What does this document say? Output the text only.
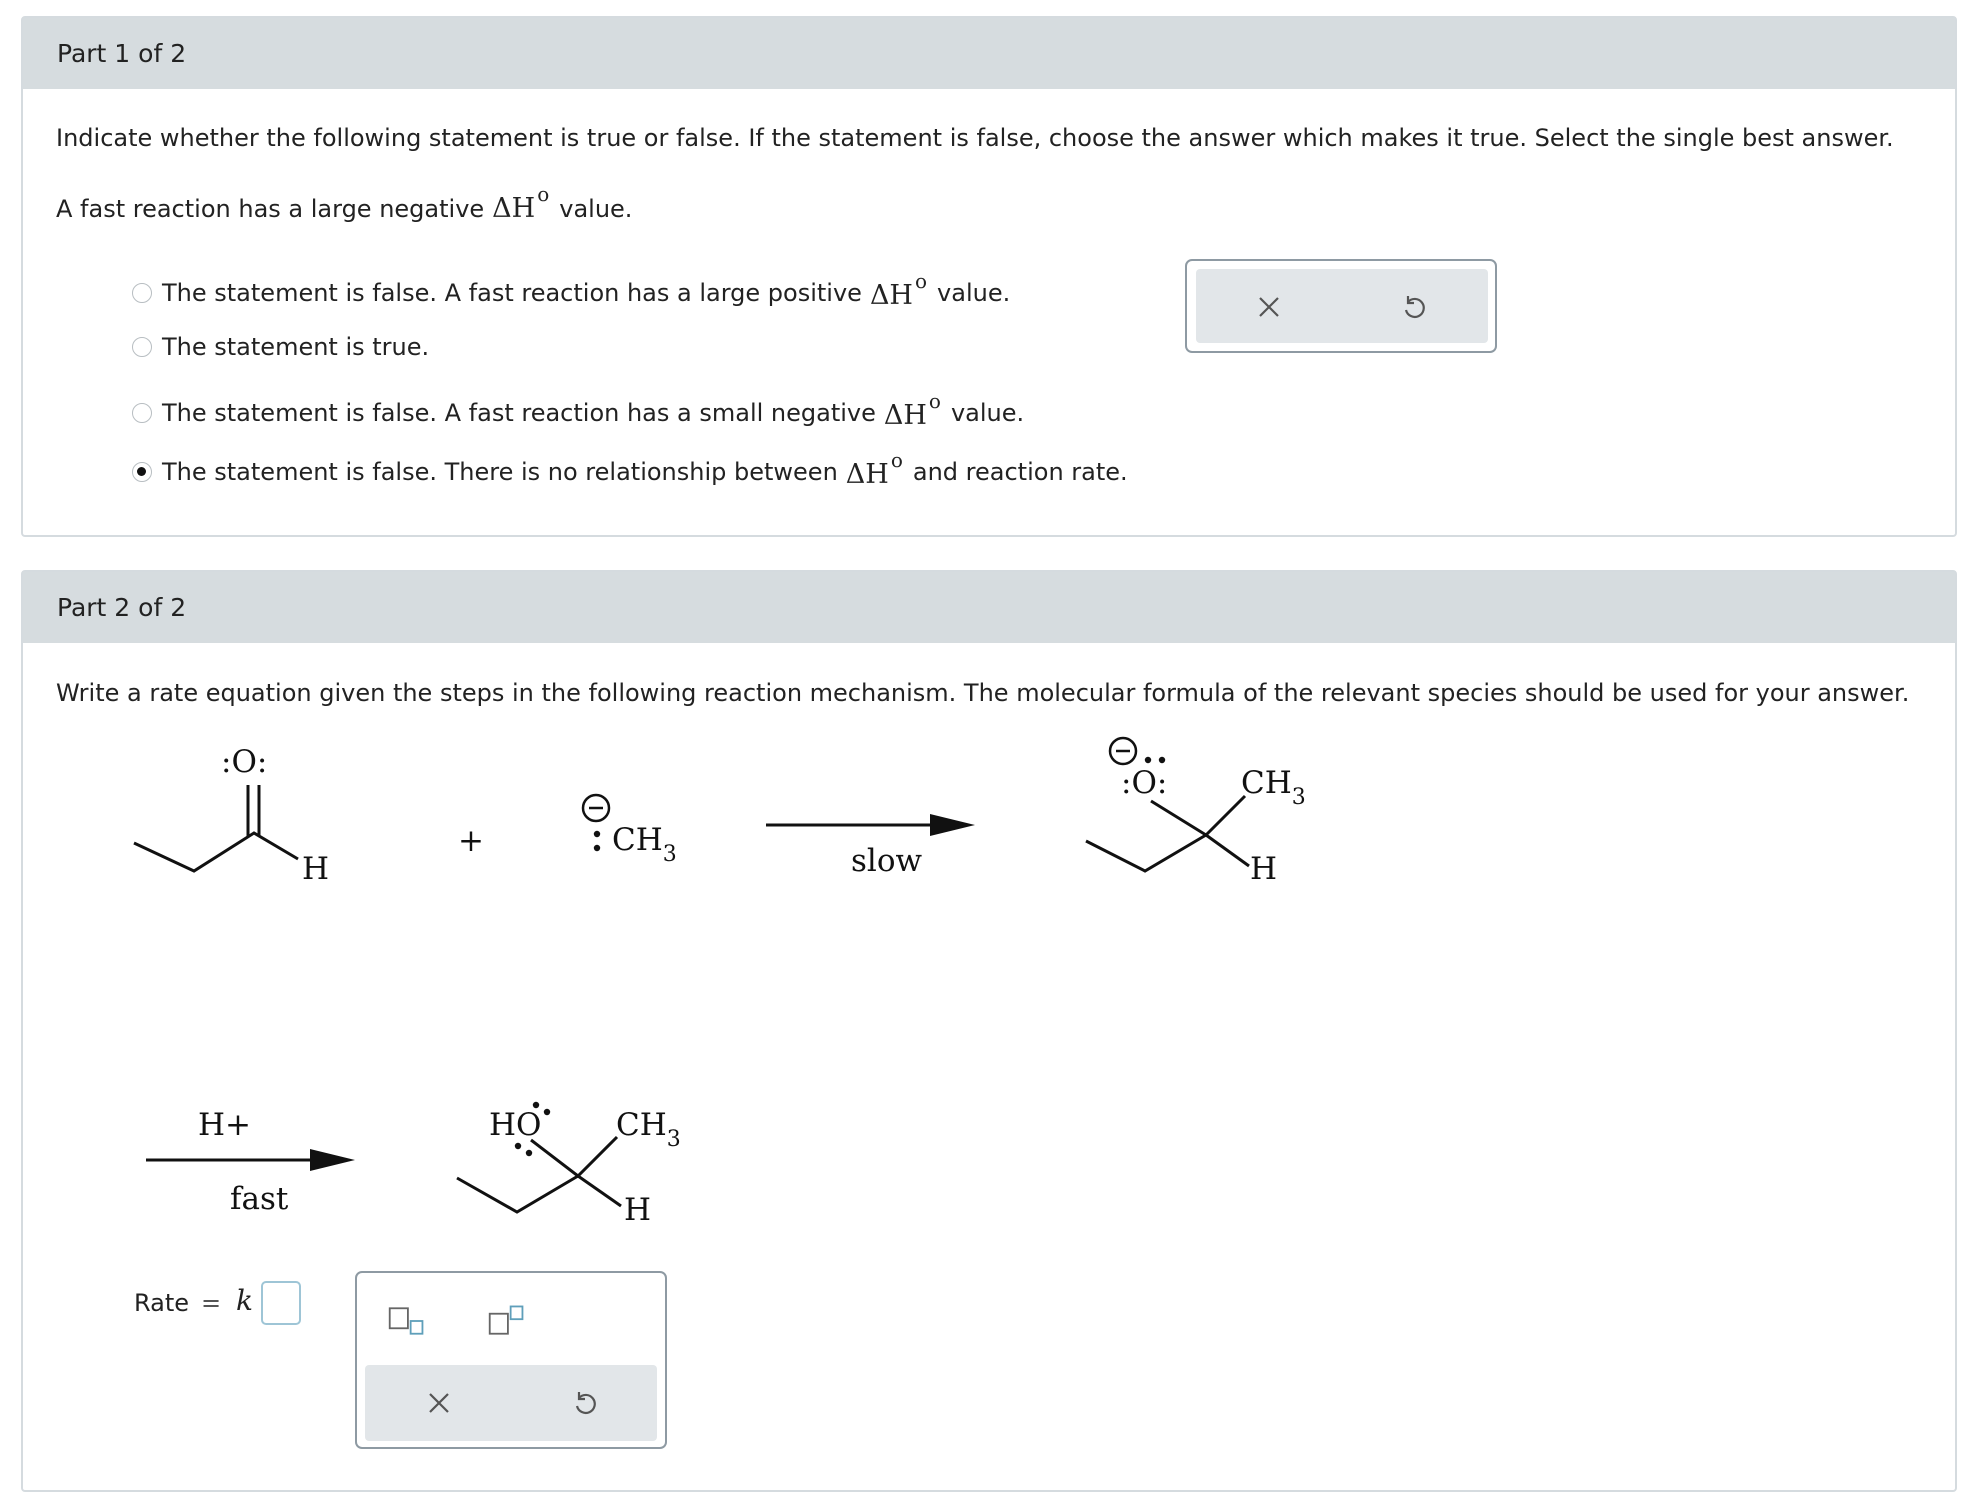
Part 1 of 2
Indicate whether the following statement is true or false. If the statement is false, choose the answer which makes it true. Select the single best answer.
A fast reaction has a large negative ΔH $^o$
value.
The statement is false. A fast reaction has a large positive ΔH $^o$ value.
The statement is true.
The statement is false. A fast reaction has a small negative ΔH $^o$ value.
The statement is false. There is no relationship between ΔH $^o$ and reaction rate.
Part 2 of 2
Write a rate equation given the steps in the following reaction mechanism. The molecular formula of the relevant species should be used for your answer.
:O:
H
+	$CH_3$	slow
:O: $CH_3$
H
H+
fast
HO $CH_3$
H
Rate = k
